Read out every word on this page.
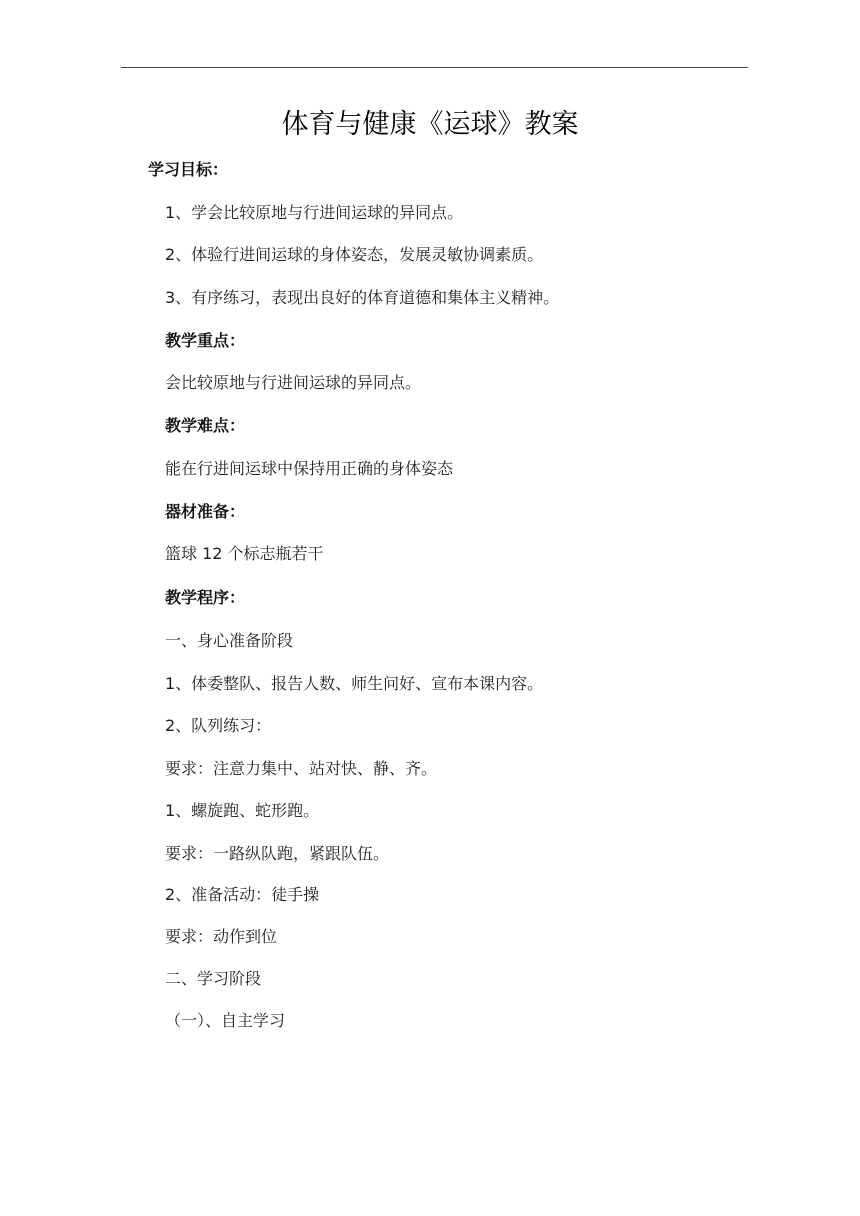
体育与健康《运球》教案
学习目标：
1、学会比较原地与行进间运球的异同点。
2、体验行进间运球的身体姿态，发展灵敏协调素质。
3、有序练习，表现出良好的体育道德和集体主义精神。
教学重点：
会比较原地与行进间运球的异同点。
教学难点：
能在行进间运球中保持用正确的身体姿态
器材准备：
篮球 12 个标志瓶若干
教学程序：
一、身心准备阶段
1、体委整队、报告人数、师生问好、宣布本课内容。
2、队列练习：
要求：注意力集中、站对快、静、齐。
1、螺旋跑、蛇形跑。
要求：一路纵队跑，紧跟队伍。
2、准备活动：徒手操
要求：动作到位
二、学习阶段
（一）、自主学习
